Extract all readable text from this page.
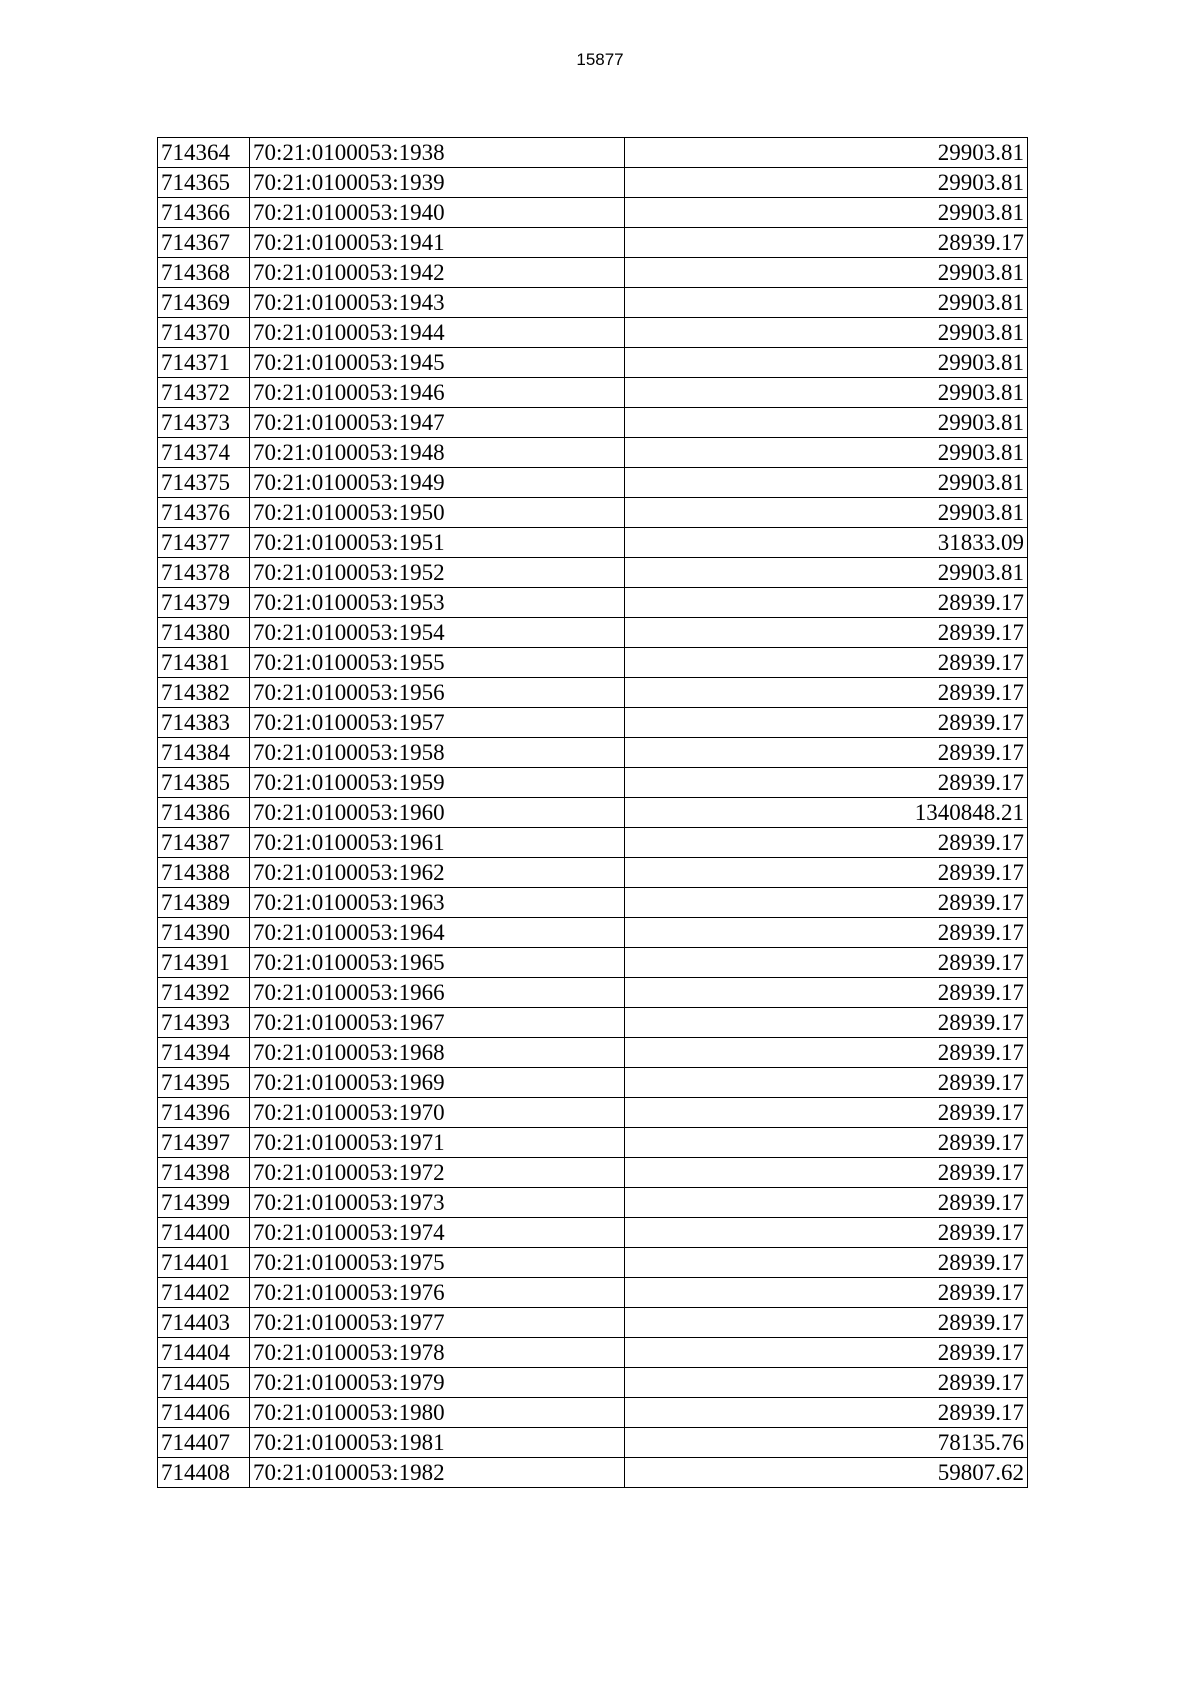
15877
714364	70:21:0100053:1938	29903.81
714365	70:21:0100053:1939	29903.81
714366	70:21:0100053:1940	29903.81
714367	70:21:0100053:1941	28939.17
714368	70:21:0100053:1942	29903.81
714369	70:21:0100053:1943	29903.81
714370	70:21:0100053:1944	29903.81
714371	70:21:0100053:1945	29903.81
714372	70:21:0100053:1946	29903.81
714373	70:21:0100053:1947	29903.81
714374	70:21:0100053:1948	29903.81
714375	70:21:0100053:1949	29903.81
714376	70:21:0100053:1950	29903.81
714377	70:21:0100053:1951	31833.09
714378	70:21:0100053:1952	29903.81
714379	70:21:0100053:1953	28939.17
714380	70:21:0100053:1954	28939.17
714381	70:21:0100053:1955	28939.17
714382	70:21:0100053:1956	28939.17
714383	70:21:0100053:1957	28939.17
714384	70:21:0100053:1958	28939.17
714385	70:21:0100053:1959	28939.17
714386	70:21:0100053:1960	1340848.21
714387	70:21:0100053:1961	28939.17
714388	70:21:0100053:1962	28939.17
714389	70:21:0100053:1963	28939.17
714390	70:21:0100053:1964	28939.17
714391	70:21:0100053:1965	28939.17
714392	70:21:0100053:1966	28939.17
714393	70:21:0100053:1967	28939.17
714394	70:21:0100053:1968	28939.17
714395	70:21:0100053:1969	28939.17
714396	70:21:0100053:1970	28939.17
714397	70:21:0100053:1971	28939.17
714398	70:21:0100053:1972	28939.17
714399	70:21:0100053:1973	28939.17
714400	70:21:0100053:1974	28939.17
714401	70:21:0100053:1975	28939.17
714402	70:21:0100053:1976	28939.17
714403	70:21:0100053:1977	28939.17
714404	70:21:0100053:1978	28939.17
714405	70:21:0100053:1979	28939.17
714406	70:21:0100053:1980	28939.17
714407	70:21:0100053:1981	78135.76
714408	70:21:0100053:1982	59807.62
